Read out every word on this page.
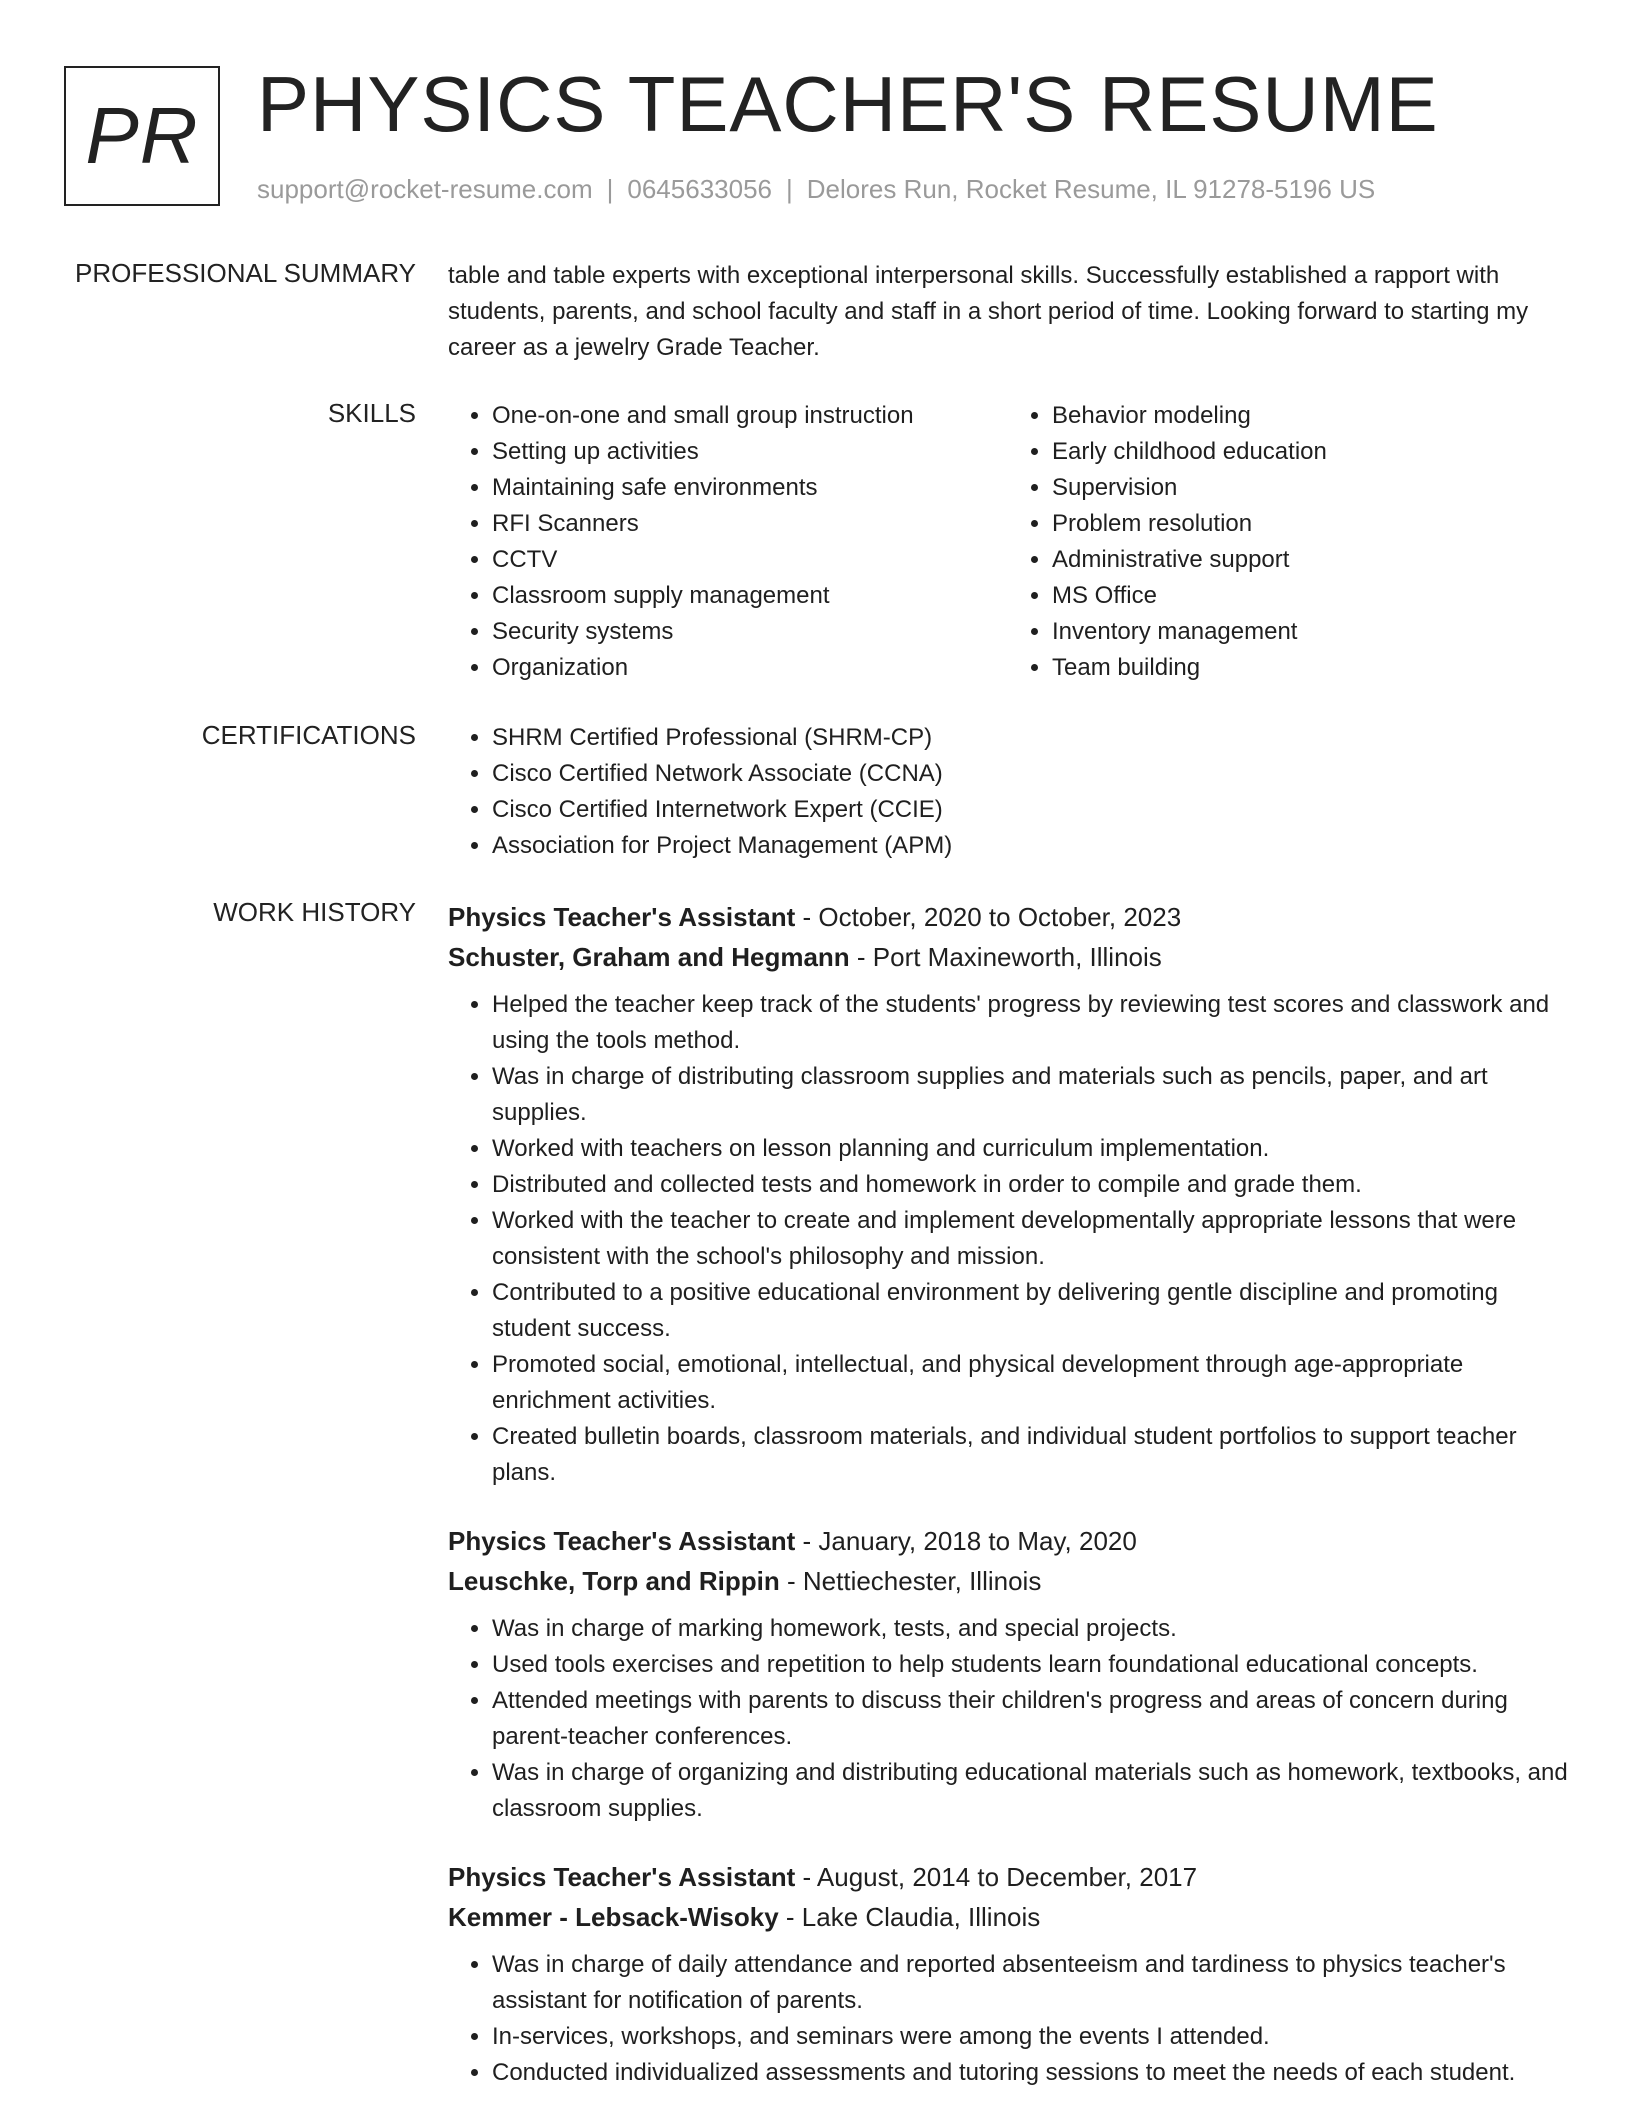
PR PHYSICS TEACHER'S RESUME
support@rocket-resume.com | 0645633056 | Delores Run, Rocket Resume, IL 91278-5196 US
PROFESSIONAL SUMMARY table and table experts with exceptional interpersonal skills. Successfully established a rapport with students, parents, and school faculty and staff in a short period of time. Looking forward to starting my career as a jewelry Grade Teacher.

SKILLS	• One-on-one and small group instruction
• Setting up activities
• Maintaining safe environments
• RFI Scanners
• CCTV
• Classroom supply management
• Security systems
• Organization
• Behavior modeling
• Early childhood education
• Supervision
• Problem resolution
• Administrative support
• MS Office
• Inventory management
• Team building
CERTIFICATIONS	• SHRM Certified Professional (SHRM-CP)
• Cisco Certified Network Associate (CCNA)
• Cisco Certified Internetwork Expert (CCIE)
• Association for Project Management (APM)
WORK HISTORY Physics Teacher's Assistant - October, 2020 to October, 2023
Schuster, Graham and Hegmann - Port Maxineworth, Illinois
• Helped the teacher keep track of the students' progress by reviewing test scores and classwork and using the tools method.
• Was in charge of distributing classroom supplies and materials such as pencils, paper, and art supplies.
• Worked with teachers on lesson planning and curriculum implementation.
• Distributed and collected tests and homework in order to compile and grade them.
• Worked with the teacher to create and implement developmentally appropriate lessons that were consistent with the school's philosophy and mission.
• Contributed to a positive educational environment by delivering gentle discipline and promoting student success.
• Promoted social, emotional, intellectual, and physical development through age-appropriate enrichment activities.
• Created bulletin boards, classroom materials, and individual student portfolios to support teacher plans.
Physics Teacher's Assistant - January, 2018 to May, 2020
Leuschke, Torp and Rippin - Nettiechester, Illinois
• Was in charge of marking homework, tests, and special projects.
• Used tools exercises and repetition to help students learn foundational educational concepts.
• Attended meetings with parents to discuss their children's progress and areas of concern during parent-teacher conferences.
• Was in charge of organizing and distributing educational materials such as homework, textbooks, and classroom supplies.
Physics Teacher's Assistant - August, 2014 to December, 2017
Kemmer - Lebsack-Wisoky - Lake Claudia, Illinois
• Was in charge of daily attendance and reported absenteeism and tardiness to physics teacher's assistant for notification of parents.
• In-services, workshops, and seminars were among the events I attended.
• Conducted individualized assessments and tutoring sessions to meet the needs of each student.
